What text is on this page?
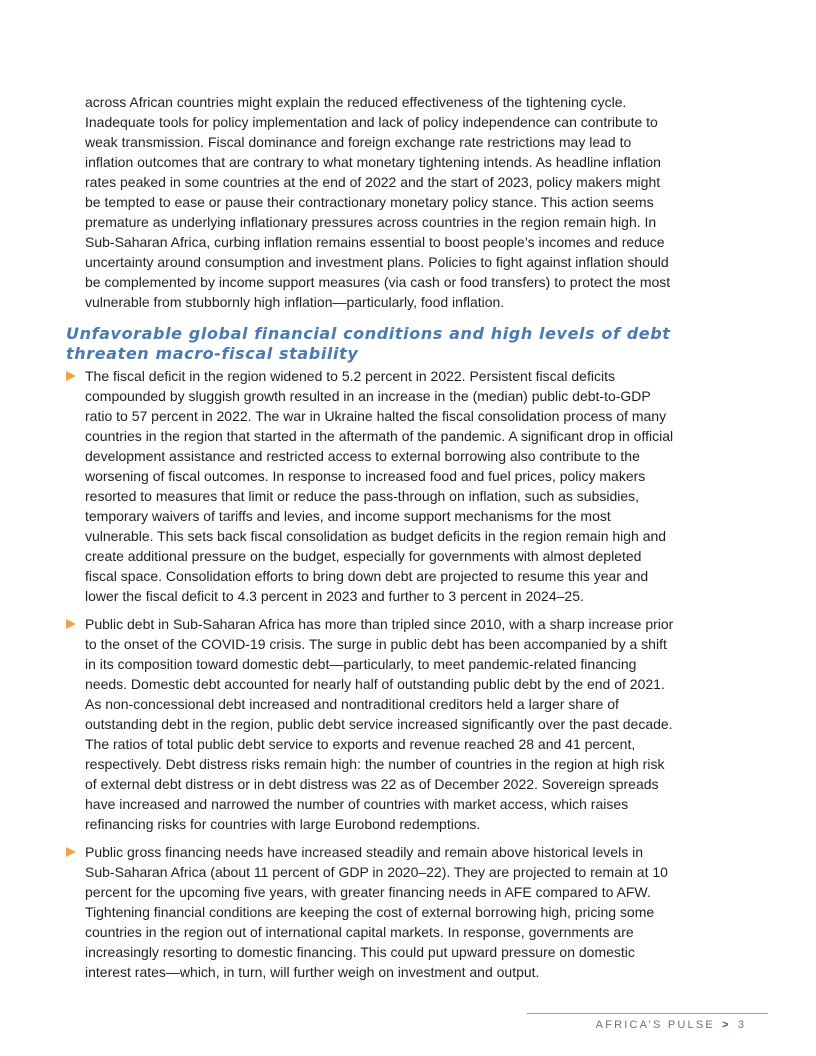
across African countries might explain the reduced effectiveness of the tightening cycle. Inadequate tools for policy implementation and lack of policy independence can contribute to weak transmission. Fiscal dominance and foreign exchange rate restrictions may lead to inflation outcomes that are contrary to what monetary tightening intends. As headline inflation rates peaked in some countries at the end of 2022 and the start of 2023, policy makers might be tempted to ease or pause their contractionary monetary policy stance. This action seems premature as underlying inflationary pressures across countries in the region remain high. In Sub-Saharan Africa, curbing inflation remains essential to boost people’s incomes and reduce uncertainty around consumption and investment plans. Policies to fight against inflation should be complemented by income support measures (via cash or food transfers) to protect the most vulnerable from stubbornly high inflation—particularly, food inflation.

Unfavorable global financial conditions and high levels of debt threaten macro-fiscal stability
The fiscal deficit in the region widened to 5.2 percent in 2022. Persistent fiscal deficits compounded by sluggish growth resulted in an increase in the (median) public debt-to-GDP ratio to 57 percent in 2022. The war in Ukraine halted the fiscal consolidation process of many countries in the region that started in the aftermath of the pandemic. A significant drop in official development assistance and restricted access to external borrowing also contribute to the worsening of fiscal outcomes. In response to increased food and fuel prices, policy makers resorted to measures that limit or reduce the pass-through on inflation, such as subsidies, temporary waivers of tariffs and levies, and income support mechanisms for the most vulnerable. This sets back fiscal consolidation as budget deficits in the region remain high and create additional pressure on the budget, especially for governments with almost depleted fiscal space. Consolidation efforts to bring down debt are projected to resume this year and lower the fiscal deficit to 4.3 percent in 2023 and further to 3 percent in 2024–25.
Public debt in Sub-Saharan Africa has more than tripled since 2010, with a sharp increase prior to the onset of the COVID-19 crisis. The surge in public debt has been accompanied by a shift in its composition toward domestic debt—particularly, to meet pandemic-related financing needs. Domestic debt accounted for nearly half of outstanding public debt by the end of 2021. As non-concessional debt increased and nontraditional creditors held a larger share of outstanding debt in the region, public debt service increased significantly over the past decade. The ratios of total public debt service to exports and revenue reached 28 and 41 percent, respectively. Debt distress risks remain high: the number of countries in the region at high risk of external debt distress or in debt distress was 22 as of December 2022. Sovereign spreads have increased and narrowed the number of countries with market access, which raises refinancing risks for countries with large Eurobond redemptions.
Public gross financing needs have increased steadily and remain above historical levels in Sub-Saharan Africa (about 11 percent of GDP in 2020–22). They are projected to remain at 10 percent for the upcoming five years, with greater financing needs in AFE compared to AFW. Tightening financial conditions are keeping the cost of external borrowing high, pricing some countries in the region out of international capital markets. In response, governments are increasingly resorting to domestic financing. This could put upward pressure on domestic interest rates—which, in turn, will further weigh on investment and output.
AFRICA’S PULSE > 3
